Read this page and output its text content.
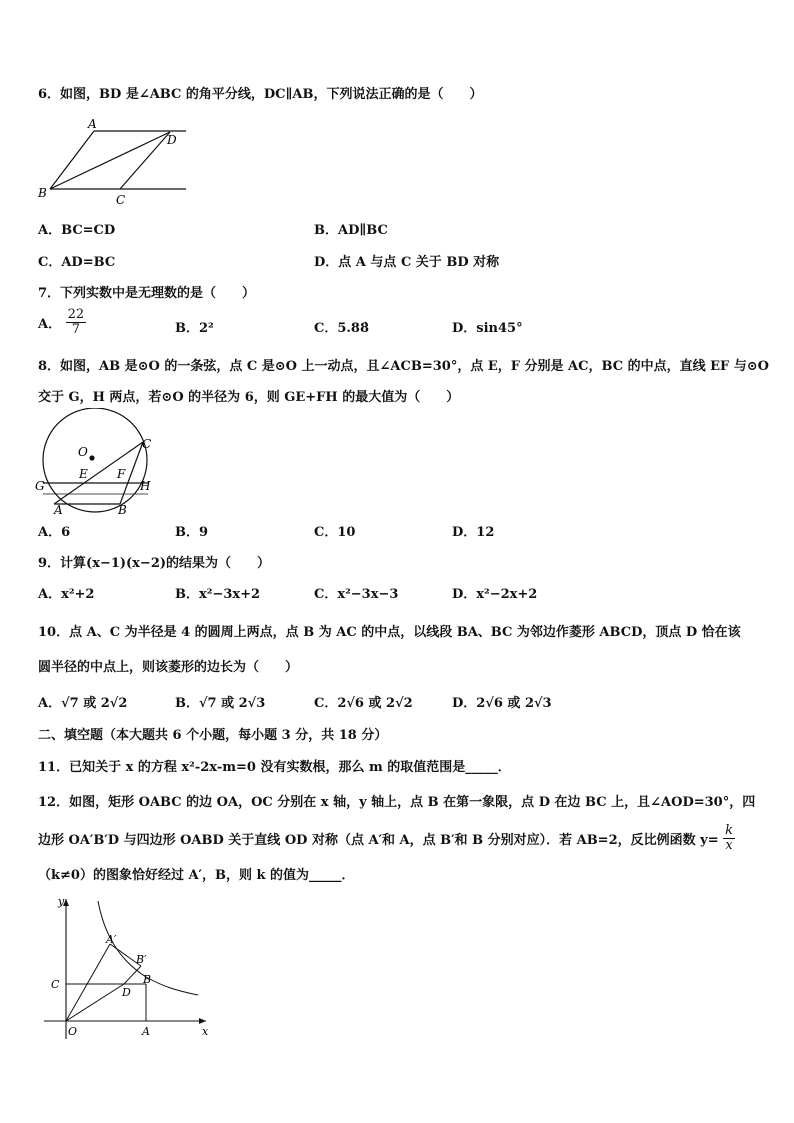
6．如图，BD 是∠ABC 的角平分线，DC∥AB，下列说法正确的是（　　）
A
D
B	C
A．BC=CD	B．AD∥BC
C．AD=BC	D．点 A 与点 C 关于 BD 对称
7．下列实数中是无理数的是（　　）
A． $\frac{22}{7}$	B．2²	C．5.88̇	D．sin45°
8．如图，AB 是⊙O 的一条弦，点 C 是⊙O 上一动点，且∠ACB=30°，点 E，F 分别是 AC，BC 的中点，直线 EF 与⊙O
交于 G，H 两点，若⊙O 的半径为 6，则 GE+FH 的最大值为（　　）
O
C
E F
G	H
A	B
A．6	B．9	C．10	D．12
9．计算(x−1)(x−2)的结果为（　　）
A．x²+2	B．x²−3x+2	C．x²−3x−3	D．x²−2x+2
10．点 A、C 为半径是 4 的圆周上两点，点 B 为 AC 的中点，以线段 BA、BC 为邻边作菱形 ABCD，顶点 D 恰在该
圆半径的中点上，则该菱形的边长为（　　）
A．√7 或 2√2	B．√7 或 2√3	C．2√6 或 2√2	D．2√6 或 2√3
二、填空题（本大题共 6 个小题，每小题 3 分，共 18 分）
11．已知关于 x 的方程 x²-2x-m=0 没有实数根，那么 m 的取值范围是_____．
12．如图，矩形 OABC 的边 OA，OC 分别在 x 轴，y 轴上，点 B 在第一象限，点 D 在边 BC 上，且∠AOD=30°，四
边形 OA′B′D 与四边形 OABD 关于直线 OD 对称（点 A′和 A，点 B′和 B 分别对应）．若 AB=2，反比例函数 $y= \frac{k}{x}$
（k≠0）的图象恰好经过 A′，B，则 k 的值为_____．
y
x
O	A
C
D
B
A′
B′
